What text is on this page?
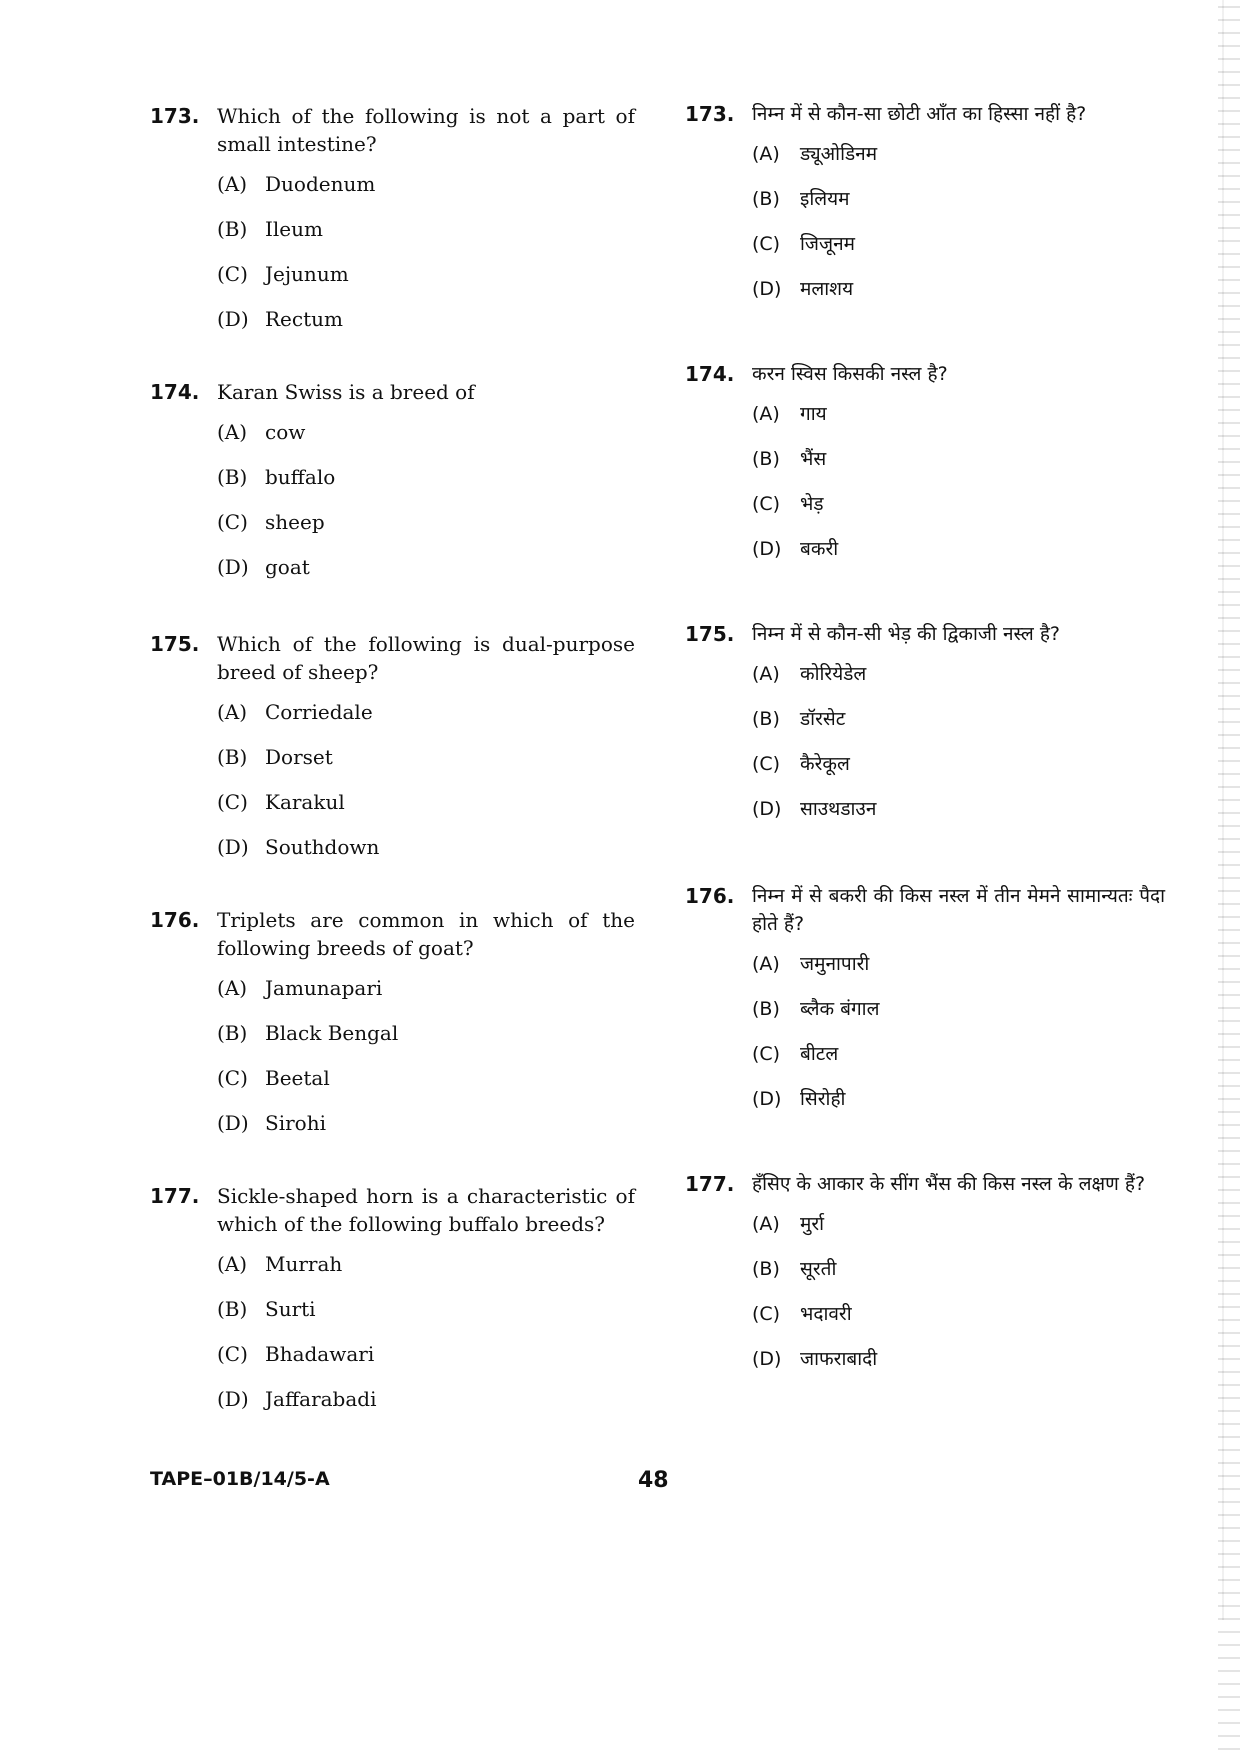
173. Which of the following is not a part of small intestine?
(A) Duodenum
(B) Ileum
(C) Jejunum
(D) Rectum
174. Karan Swiss is a breed of
(A) cow
(B) buffalo
(C) sheep
(D) goat
175. Which of the following is dual-purpose breed of sheep?
(A) Corriedale
(B) Dorset
(C) Karakul
(D) Southdown
176. Triplets are common in which of the following breeds of goat?
(A) Jamunapari
(B) Black Bengal
(C) Beetal
(D) Sirohi
177. Sickle-shaped horn is a characteristic of which of the following buffalo breeds?
(A) Murrah
(B) Surti
(C) Bhadawari
(D) Jaffarabadi
173. निम्न में से कौन-सा छोटी आँत का हिस्सा नहीं है?
(A) ड्यूओडिनम
(B) इलियम
(C) जिजूनम
(D) मलाशय
174. करन स्विस किसकी नस्ल है?
(A) गाय
(B) भैंस
(C) भेड़
(D) बकरी
175. निम्न में से कौन-सी भेड़ की द्विकाजी नस्ल है?
(A) कोरियेडेल
(B) डॉरसेट
(C) कैरेकूल
(D) साउथडाउन
176. निम्न में से बकरी की किस नस्ल में तीन मेमने सामान्यतः पैदा होते हैं?
(A) जमुनापारी
(B) ब्लैक बंगाल
(C) बीटल
(D) सिरोही
177. हँसिए के आकार के सींग भैंस की किस नस्ल के लक्षण हैं?
(A) मुर्रा
(B) सूरती
(C) भदावरी
(D) जाफराबादी
TAPE–01B/14/5-A	48
